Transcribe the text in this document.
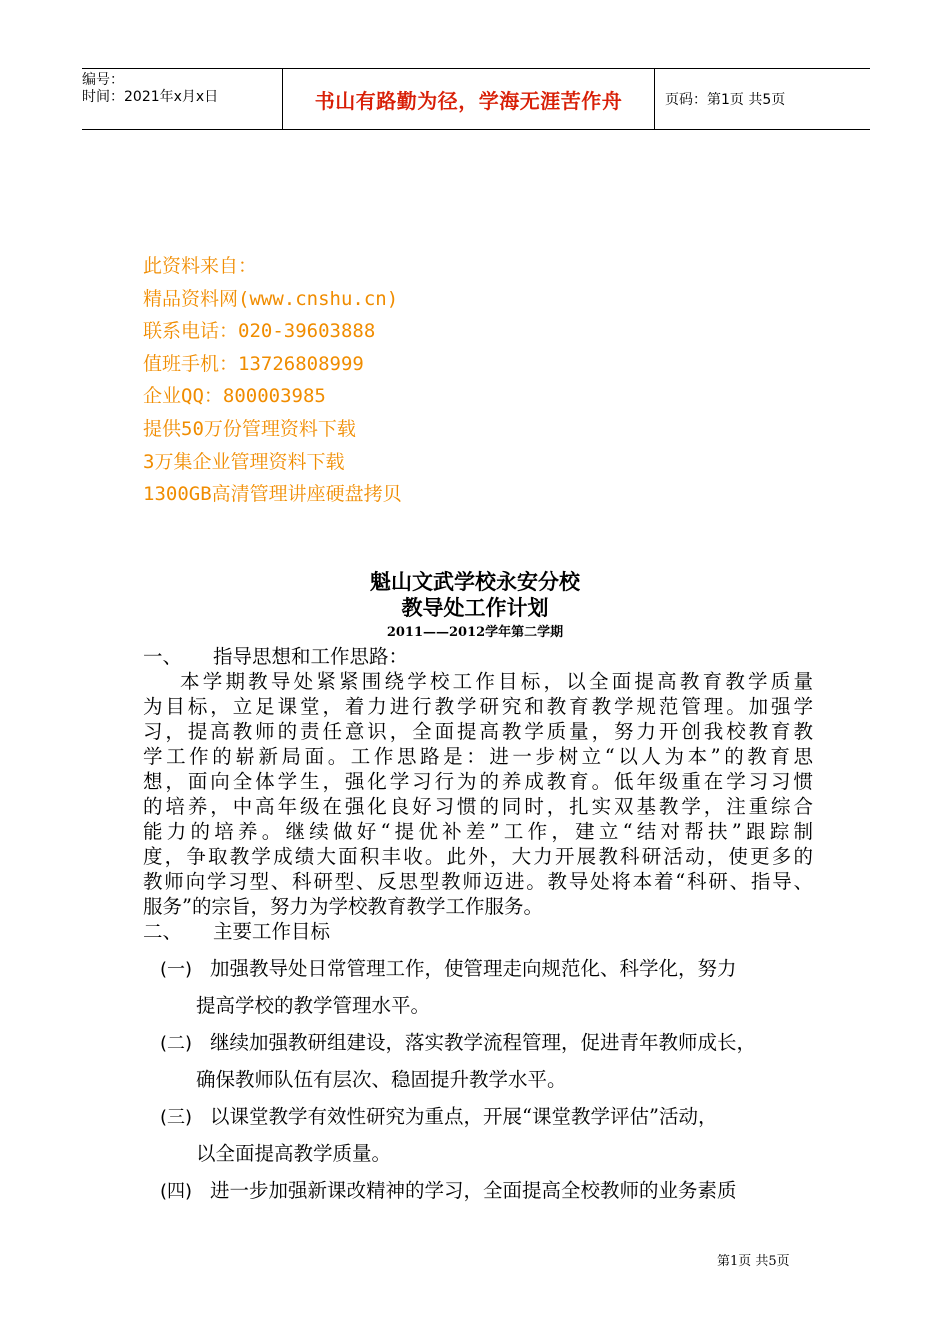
编号：
时间：2021年x月x日	书山有路勤为径，学海无涯苦作舟	页码：第1页 共5页
此资料来自：
精品资料网(www.cnshu.cn)
联系电话：020-39603888
值班手机：13726808999
企业QQ：800003985
提供50万份管理资料下载
3万集企业管理资料下载
1300GB高清管理讲座硬盘拷贝
魁山文武学校永安分校
教导处工作计划
2011——2012学年第二学期
一、 指导思想和工作思路：
本学期教导处紧紧围绕学校工作目标，以全面提高教育教学质量
为目标，立足课堂，着力进行教学研究和教育教学规范管理。加强学
习，提高教师的责任意识，全面提高教学质量，努力开创我校教育教
学工作的崭新局面。工作思路是：进一步树立“以人为本”的教育思
想，面向全体学生，强化学习行为的养成教育。低年级重在学习习惯
的培养，中高年级在强化良好习惯的同时，扎实双基教学，注重综合
能力的培养。继续做好“提优补差”工作，建立“结对帮扶”跟踪制
度，争取教学成绩大面积丰收。此外，大力开展教科研活动，使更多的
教师向学习型、科研型、反思型教师迈进。教导处将本着“科研、指导、
服务”的宗旨，努力为学校教育教学工作服务。
二、 主要工作目标
(一) 加强教导处日常管理工作，使管理走向规范化、科学化，努力
提高学校的教学管理水平。
(二) 继续加强教研组建设，落实教学流程管理，促进青年教师成长，
确保教师队伍有层次、稳固提升教学水平。
(三) 以课堂教学有效性研究为重点，开展“课堂教学评估”活动，
以全面提高教学质量。
(四) 进一步加强新课改精神的学习，全面提高全校教师的业务素质
第1页 共5页
